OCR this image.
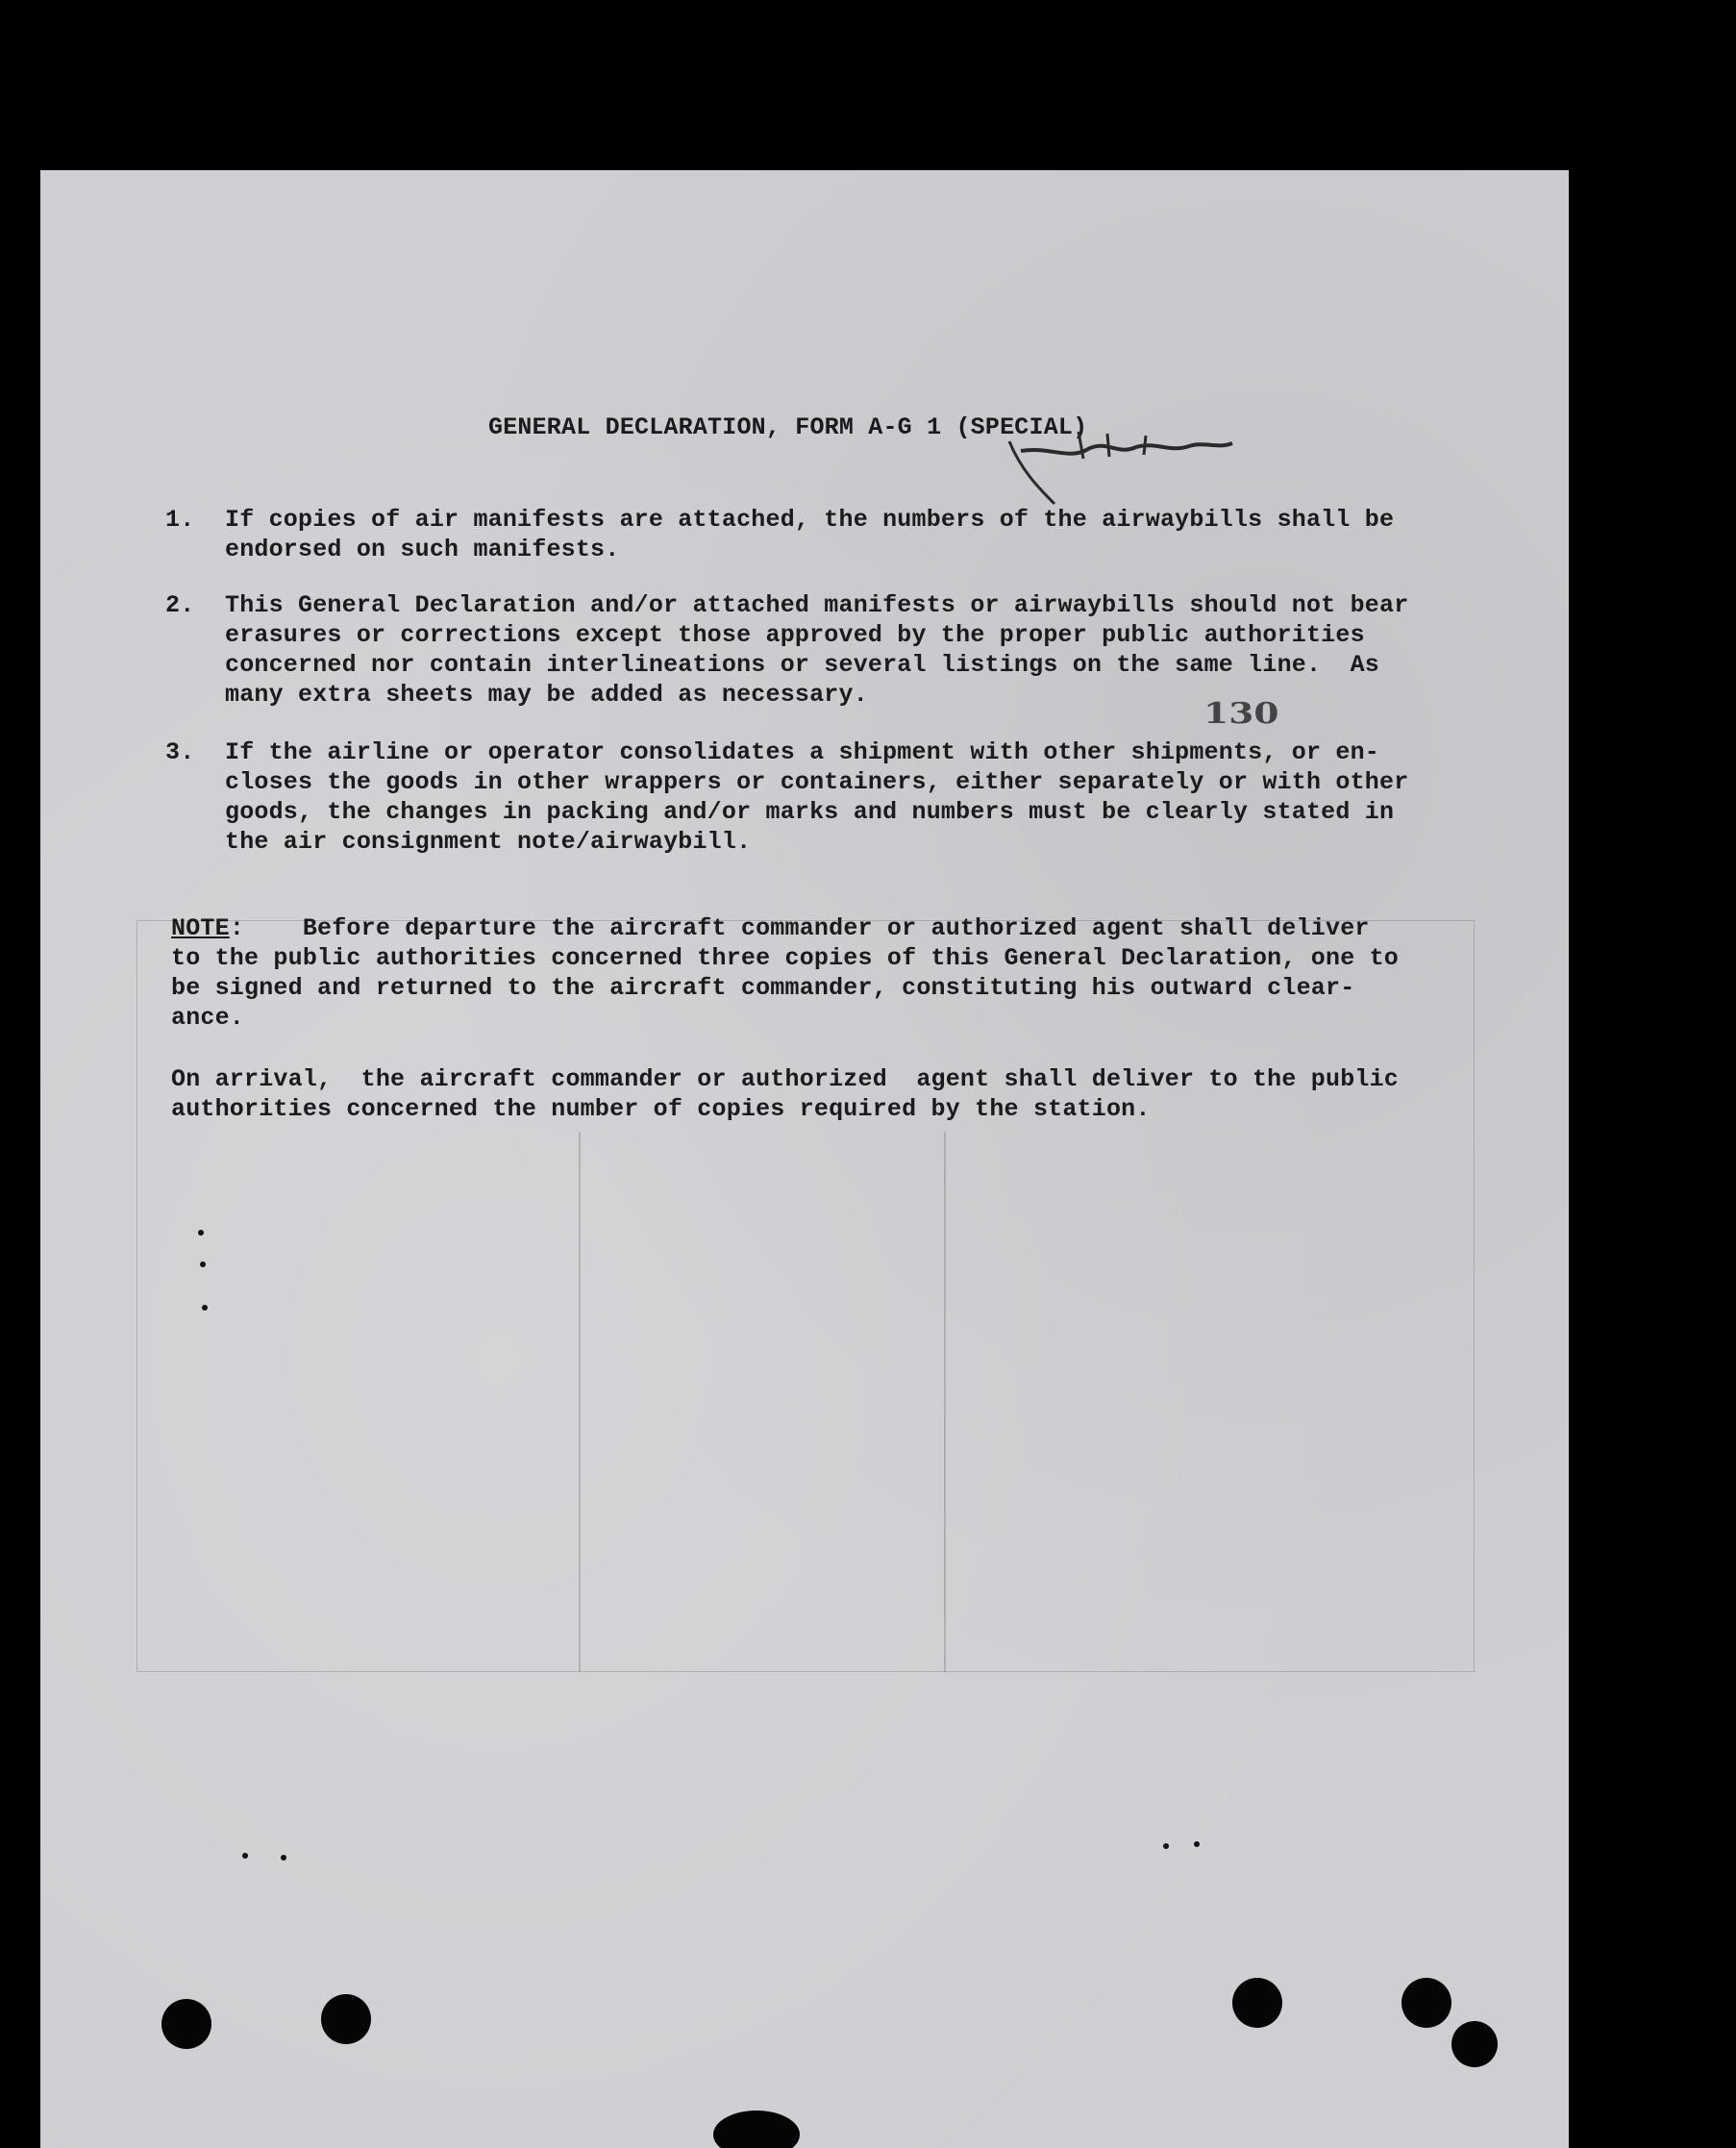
GENERAL DECLARATION, FORM A-G 1 (SPECIAL)
1. If copies of air manifests are attached, the numbers of the airwaybills shall be
endorsed on such manifests.
2. This General Declaration and/or attached manifests or airwaybills should not bear
erasures or corrections except those approved by the proper public authorities
concerned nor contain interlineations or several listings on the same line.  As
many extra sheets may be added as necessary.
130
3. If the airline or operator consolidates a shipment with other shipments, or en-
closes the goods in other wrappers or containers, either separately or with other
goods, the changes in packing and/or marks and numbers must be clearly stated in
the air consignment note/airwaybill.
NOTE:    Before departure the aircraft commander or authorized agent shall deliver
to the public authorities concerned three copies of this General Declaration, one to
be signed and returned to the aircraft commander, constituting his outward clear-
ance.
On arrival,  the aircraft commander or authorized  agent shall deliver to the public
authorities concerned the number of copies required by the station.
